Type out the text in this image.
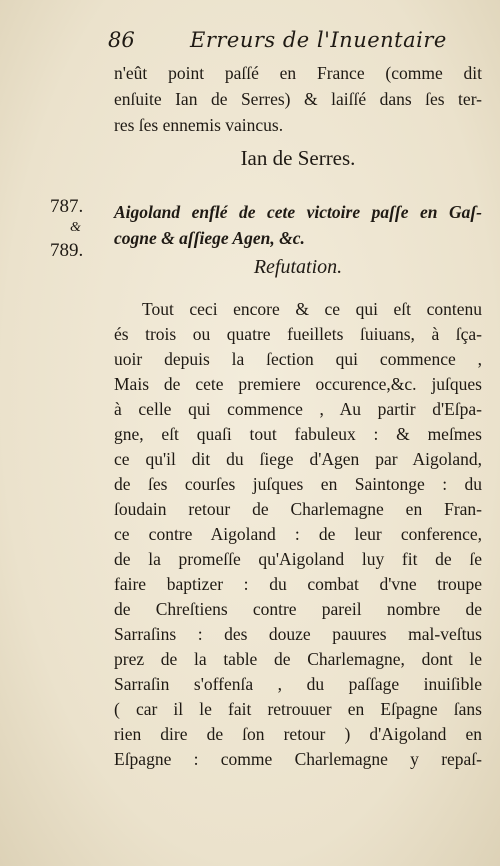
86	Erreurs de l'Inuentaire
n'eût point paſſé en France (comme dit
enſuite Ian de Serres) & laiſſé dans ſes ter-
res ſes ennemis vaincus.
Ian de Serres.
787.
&
789.
Aigoland enflé de cete victoire paſſe en Gaſ-
cogne & aſſiege Agen, &c.
Refutation.
Tout ceci encore & ce qui eſt contenu
és trois ou quatre fueillets ſuiuans, à ſça-
uoir depuis la ſection qui commence ,
Mais de cete premiere occurence,&c. juſques
à celle qui commence , Au partir d'Eſpa-
gne, eſt quaſi tout fabuleux : & meſmes
ce qu'il dit du ſiege d'Agen par Aigoland,
de ſes courſes juſques en Saintonge : du
ſoudain retour de Charlemagne en Fran-
ce contre Aigoland : de leur conference,
de la promeſſe qu'Aigoland luy fit de ſe
faire baptizer : du combat d'vne troupe
de Chreſtiens contre pareil nombre de
Sarraſins : des douze pauures mal-veſtus
prez de la table de Charlemagne, dont le
Sarraſin s'offenſa , du paſſage inuiſible
( car il le fait retrouuer en Eſpagne ſans
rien dire de ſon retour ) d'Aigoland en
Eſpagne : comme Charlemagne y repaſ-
